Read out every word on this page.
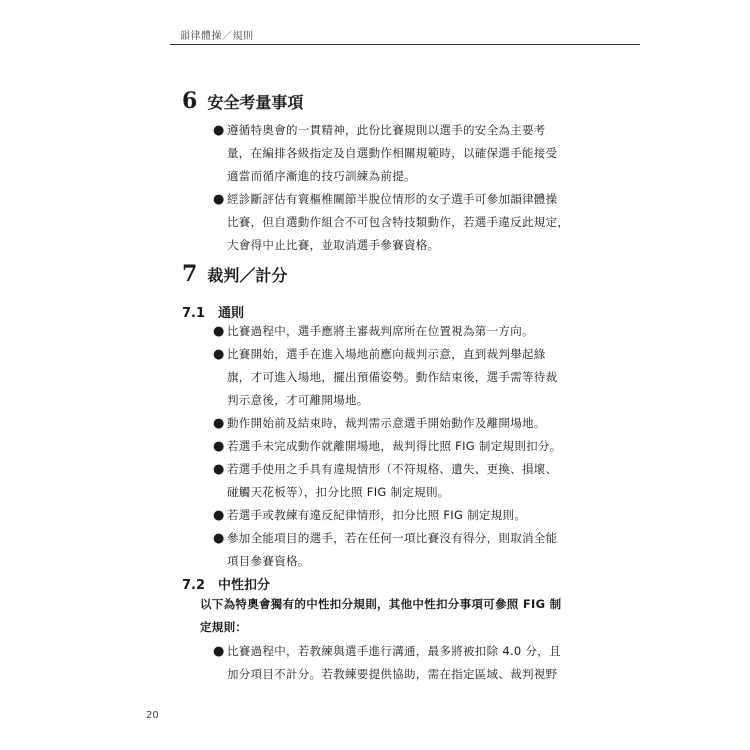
韻律體操／規則
6 安全考量事項
● 遵循特奧會的一貫精神，此份比賽規則以選手的安全為主要考
量，在編排各級指定及自選動作相關規範時，以確保選手能接受
適當而循序漸進的技巧訓練為前提。
● 經診斷評估有寰樞椎關節半脫位情形的女子選手可參加韻律體操
比賽，但自選動作組合不可包含特技類動作，若選手違反此規定，
大會得中止比賽，並取消選手參賽資格。
7 裁判／計分
7.1 通則
● 比賽過程中，選手應將主審裁判席所在位置視為第一方向。
● 比賽開始，選手在進入場地前應向裁判示意，直到裁判舉起綠
旗，才可進入場地，擺出預備姿勢。動作結束後，選手需等待裁
判示意後，才可離開場地。
● 動作開始前及結束時，裁判需示意選手開始動作及離開場地。
● 若選手未完成動作就離開場地，裁判得比照 FIG 制定規則扣分。
● 若選手使用之手具有違規情形（不符規格、遺失、更換、損壞、
碰觸天花板等），扣分比照 FIG 制定規則。
● 若選手或教練有違反紀律情形，扣分比照 FIG 制定規則。
● 參加全能項目的選手，若在任何一項比賽沒有得分，則取消全能
項目參賽資格。
7.2 中性扣分
以下為特奧會獨有的中性扣分規則，其他中性扣分事項可參照 FIG 制
定規則：
● 比賽過程中，若教練與選手進行溝通，最多將被扣除 4.0 分，且
加分項目不計分。若教練要提供協助，需在指定區域、裁判視野
20
